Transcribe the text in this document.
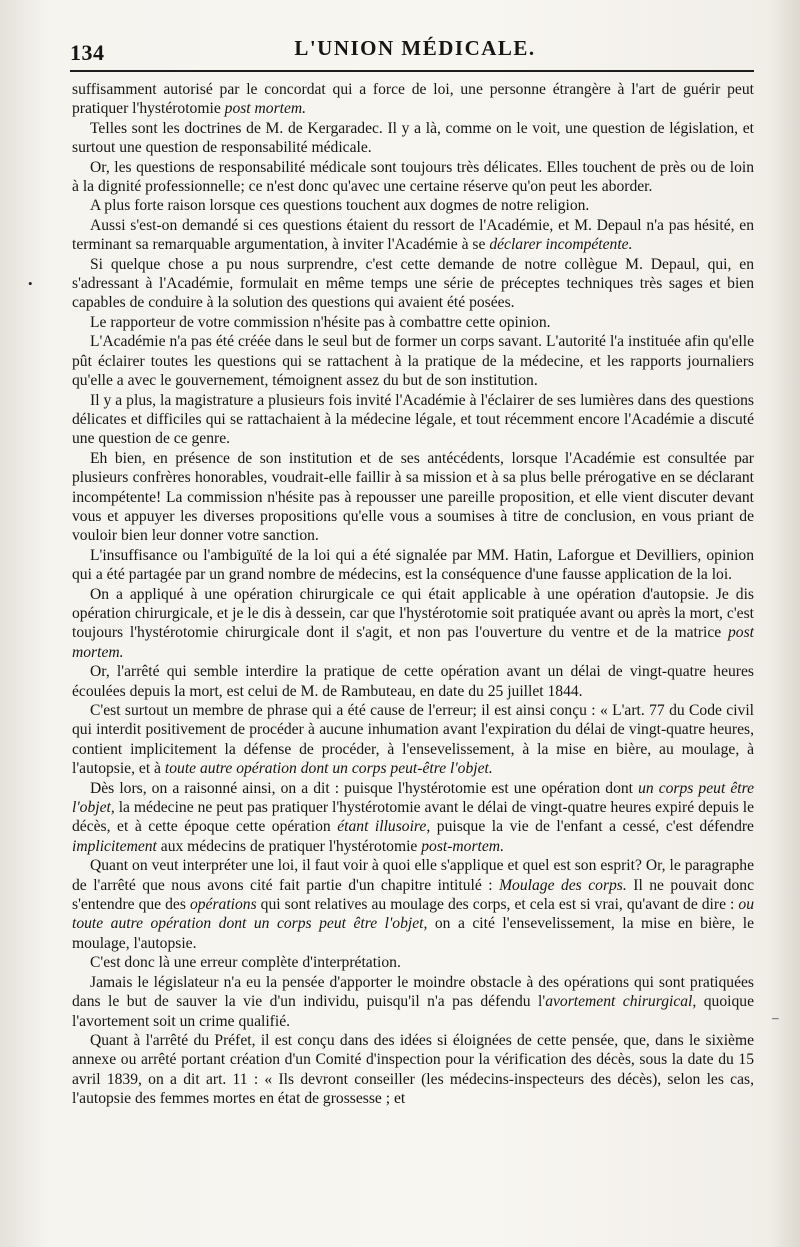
134	L'UNION MÉDICALE.
•
–

suffisamment autorisé par le concordat qui a force de loi, une personne étrangère à l'art de guérir peut pratiquer l'hystérotomie post mortem.

Telles sont les doctrines de M. de Kergaradec. Il y a là, comme on le voit, une question de législation, et surtout une question de responsabilité médicale.

Or, les questions de responsabilité médicale sont toujours très délicates. Elles touchent de près ou de loin à la dignité professionnelle; ce n'est donc qu'avec une certaine réserve qu'on peut les aborder.

A plus forte raison lorsque ces questions touchent aux dogmes de notre religion.

Aussi s'est-on demandé si ces questions étaient du ressort de l'Académie, et M. Depaul n'a pas hésité, en terminant sa remarquable argumentation, à inviter l'Académie à se déclarer incompétente.

Si quelque chose a pu nous surprendre, c'est cette demande de notre collègue M. Depaul, qui, en s'adressant à l'Académie, formulait en même temps une série de préceptes techniques très sages et bien capables de conduire à la solution des questions qui avaient été posées.

Le rapporteur de votre commission n'hésite pas à combattre cette opinion.

L'Académie n'a pas été créée dans le seul but de former un corps savant. L'autorité l'a instituée afin qu'elle pût éclairer toutes les questions qui se rattachent à la pratique de la médecine, et les rapports journaliers qu'elle a avec le gouvernement, témoignent assez du but de son institution.

Il y a plus, la magistrature a plusieurs fois invité l'Académie à l'éclairer de ses lumières dans des questions délicates et difficiles qui se rattachaient à la médecine légale, et tout récemment encore l'Académie a discuté une question de ce genre.

Eh bien, en présence de son institution et de ses antécédents, lorsque l'Académie est consultée par plusieurs confrères honorables, voudrait-elle faillir à sa mission et à sa plus belle prérogative en se déclarant incompétente! La commission n'hésite pas à repousser une pareille proposition, et elle vient discuter devant vous et appuyer les diverses propositions qu'elle vous a soumises à titre de conclusion, en vous priant de vouloir bien leur donner votre sanction.

L'insuffisance ou l'ambiguïté de la loi qui a été signalée par MM. Hatin, Laforgue et Devilliers, opinion qui a été partagée par un grand nombre de médecins, est la conséquence d'une fausse application de la loi.

On a appliqué à une opération chirurgicale ce qui était applicable à une opération d'autopsie. Je dis opération chirurgicale, et je le dis à dessein, car que l'hystérotomie soit pratiquée avant ou après la mort, c'est toujours l'hystérotomie chirurgicale dont il s'agit, et non pas l'ouverture du ventre et de la matrice post mortem.

Or, l'arrêté qui semble interdire la pratique de cette opération avant un délai de vingt-quatre heures écoulées depuis la mort, est celui de M. de Rambuteau, en date du 25 juillet 1844.

C'est surtout un membre de phrase qui a été cause de l'erreur; il est ainsi conçu : « L'art. 77 du Code civil qui interdit positivement de procéder à aucune inhumation avant l'expiration du délai de vingt-quatre heures, contient implicitement la défense de procéder, à l'ensevelissement, à la mise en bière, au moulage, à l'autopsie, et à toute autre opération dont un corps peut-être l'objet.

Dès lors, on a raisonné ainsi, on a dit : puisque l'hystérotomie est une opération dont un corps peut être l'objet, la médecine ne peut pas pratiquer l'hystérotomie avant le délai de vingt-quatre heures expiré depuis le décès, et à cette époque cette opération étant illusoire, puisque la vie de l'enfant a cessé, c'est défendre implicitement aux médecins de pratiquer l'hystérotomie post-mortem.

Quant on veut interpréter une loi, il faut voir à quoi elle s'applique et quel est son esprit? Or, le paragraphe de l'arrêté que nous avons cité fait partie d'un chapitre intitulé : Moulage des corps. Il ne pouvait donc s'entendre que des opérations qui sont relatives au moulage des corps, et cela est si vrai, qu'avant de dire : ou toute autre opération dont un corps peut être l'objet, on a cité l'ensevelissement, la mise en bière, le moulage, l'autopsie.

C'est donc là une erreur complète d'interprétation.

Jamais le législateur n'a eu la pensée d'apporter le moindre obstacle à des opérations qui sont pratiquées dans le but de sauver la vie d'un individu, puisqu'il n'a pas défendu l'avortement chirurgical, quoique l'avortement soit un crime qualifié.

Quant à l'arrêté du Préfet, il est conçu dans des idées si éloignées de cette pensée, que, dans le sixième annexe ou arrêté portant création d'un Comité d'inspection pour la vérification des décès, sous la date du 15 avril 1839, on a dit art. 11 : « Ils devront conseiller (les médecins-inspecteurs des décès), selon les cas, l'autopsie des femmes mortes en état de grossesse ; et
